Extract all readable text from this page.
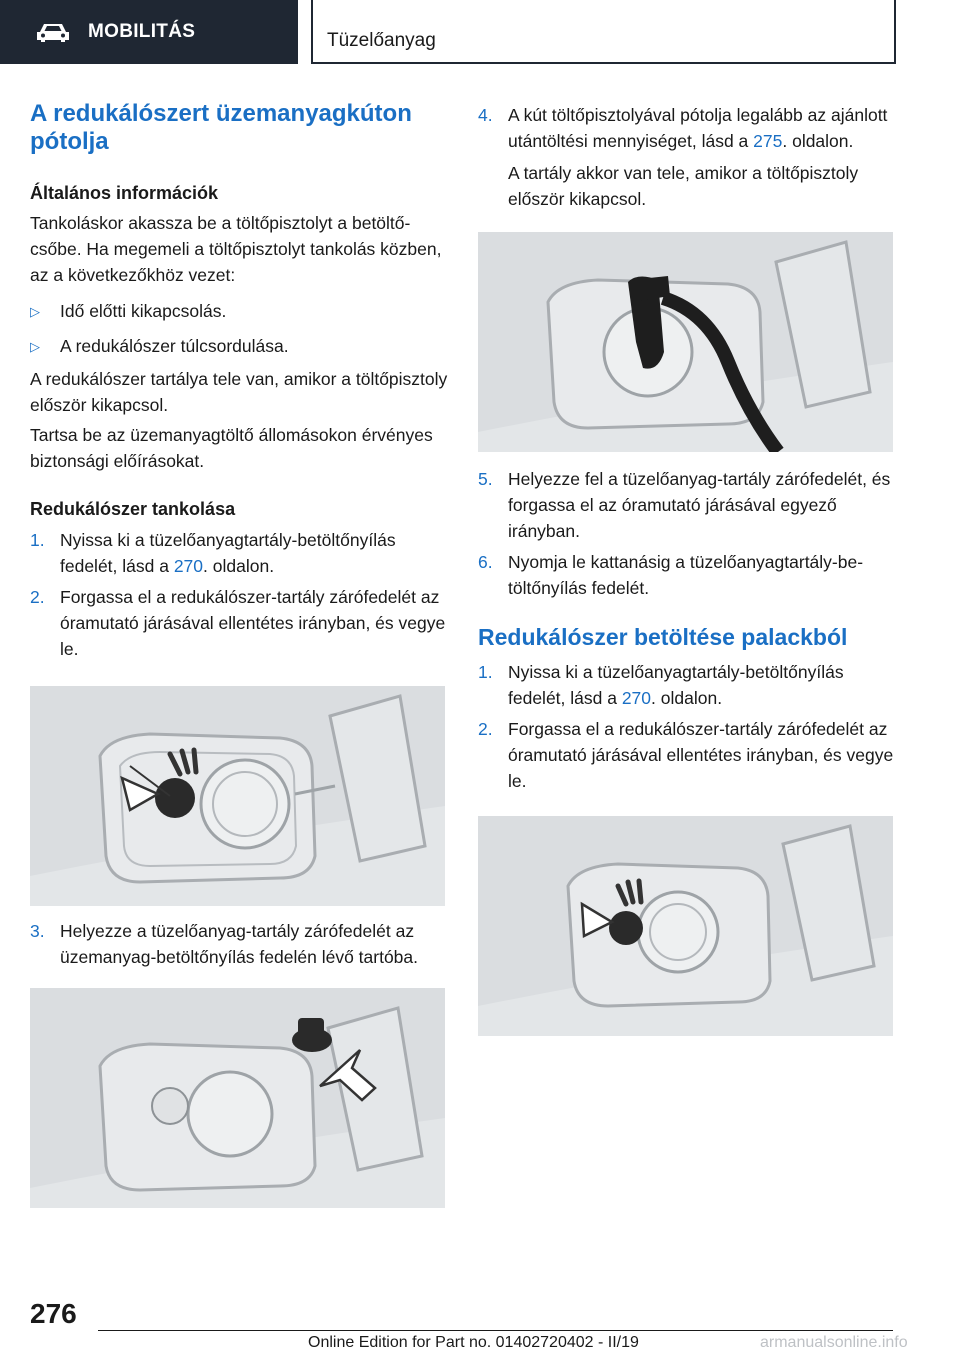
MOBILITÁS	Tüzelőanyag
A redukálószert üzemanyagkúton pótolja
Általános információk

Tankoláskor akassza be a töltőpisztolyt a betöltőcsőbe. Ha megemeli a töltőpisztolyt tankolás közben, az a következőkhöz vezet:

▷	Idő előtti kikapcsolás.
▷	A redukálószer túlcsordulása.

A redukálószer tartálya tele van, amikor a töltőpisztoly először kikapcsol.

Tartsa be az üzemanyagtöltő állomásokon érvényes biztonsági előírásokat.

Redukálószer tankolása
1. Nyissa ki a tüzelőanyagtartály-betöltőnyílás fedelét, lásd a 270. oldalon.
2. Forgassa el a redukálószer-tartály zárófedelét az óramutató járásával ellentétes irányban, és vegye le.
3. Helyezze a tüzelőanyag-tartály zárófedelét az üzemanyag-betöltőnyílás fedelén lévő tartóba.
4. A kút töltőpisztolyával pótolja legalább az ajánlott utántöltési mennyiséget, lásd a 275. oldalon.
A tartály akkor van tele, amikor a töltőpisztoly először kikapcsol.
5. Helyezze fel a tüzelőanyag-tartály zárófedelét, és forgassa el az óramutató járásával egyező irányban.
6. Nyomja le kattanásig a tüzelőanyagtartály-betöltőnyílás fedelét.
Redukálószer betöltése palackból
1. Nyissa ki a tüzelőanyagtartály-betöltőnyílás fedelét, lásd a 270. oldalon.
2. Forgassa el a redukálószer-tartály zárófedelét az óramutató járásával ellentétes irányban, és vegye le.
276
Online Edition for Part no. 01402720402 - II/19	armanualsonline.info
